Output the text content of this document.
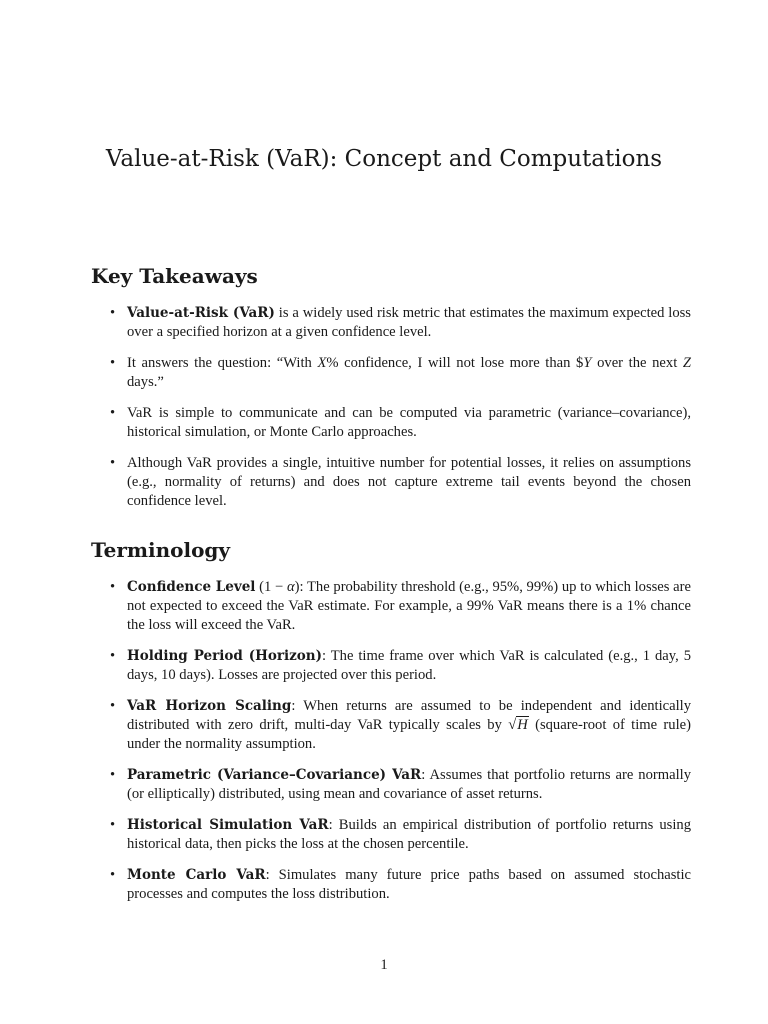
Value-at-Risk (VaR): Concept and Computations
Key Takeaways
• Value-at-Risk (VaR) is a widely used risk metric that estimates the maximum expected loss over a specified horizon at a given confidence level.
• It answers the question: “With X% confidence, I will not lose more than $Y over the next Z days.”
• VaR is simple to communicate and can be computed via parametric (variance–covariance), historical simulation, or Monte Carlo approaches.
• Although VaR provides a single, intuitive number for potential losses, it relies on assumptions (e.g., normality of returns) and does not capture extreme tail events beyond the chosen confidence level.
Terminology
• Confidence Level (1 − α): The probability threshold (e.g., 95%, 99%) up to which losses are not expected to exceed the VaR estimate. For example, a 99% VaR means there is a 1% chance the loss will exceed the VaR.
• Holding Period (Horizon): The time frame over which VaR is calculated (e.g., 1 day, 5 days, 10 days). Losses are projected over this period.
• VaR Horizon Scaling: When returns are assumed to be independent and identically distributed with zero drift, multi-day VaR typically scales by √H (square-root of time rule) under the normality assumption.
• Parametric (Variance–Covariance) VaR: Assumes that portfolio returns are normally (or elliptically) distributed, using mean and covariance of asset returns.
• Historical Simulation VaR: Builds an empirical distribution of portfolio returns using historical data, then picks the loss at the chosen percentile.
• Monte Carlo VaR: Simulates many future price paths based on assumed stochastic processes and computes the loss distribution.

1
